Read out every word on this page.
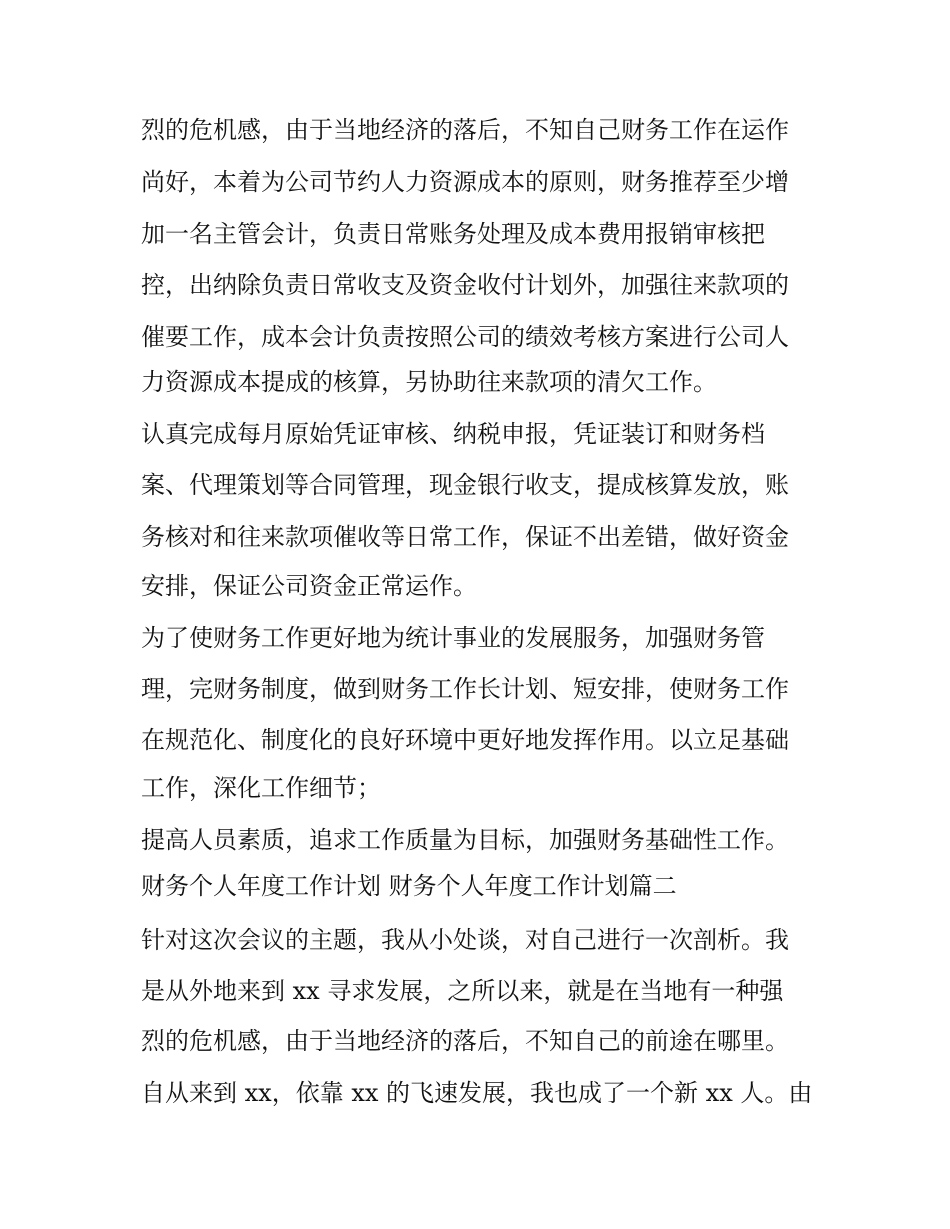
烈的危机感，由于当地经济的落后，不知自己财务工作在运作
尚好，本着为公司节约人力资源成本的原则，财务推荐至少增
加一名主管会计，负责日常账务处理及成本费用报销审核把
控，出纳除负责日常收支及资金收付计划外，加强往来款项的
催要工作，成本会计负责按照公司的绩效考核方案进行公司人
力资源成本提成的核算，另协助往来款项的清欠工作。
认真完成每月原始凭证审核、纳税申报，凭证装订和财务档
案、代理策划等合同管理，现金银行收支，提成核算发放，账
务核对和往来款项催收等日常工作，保证不出差错，做好资金
安排，保证公司资金正常运作。
为了使财务工作更好地为统计事业的发展服务，加强财务管
理，完财务制度，做到财务工作长计划、短安排，使财务工作
在规范化、制度化的良好环境中更好地发挥作用。以立足基础
工作，深化工作细节；
提高人员素质，追求工作质量为目标，加强财务基础性工作。
财务个人年度工作计划 财务个人年度工作计划篇二
针对这次会议的主题，我从小处谈，对自己进行一次剖析。我
是从外地来到 xx 寻求发展，之所以来，就是在当地有一种强
烈的危机感，由于当地经济的落后，不知自己的前途在哪里。
自从来到 xx，依靠 xx 的飞速发展，我也成了一个新 xx 人。由
